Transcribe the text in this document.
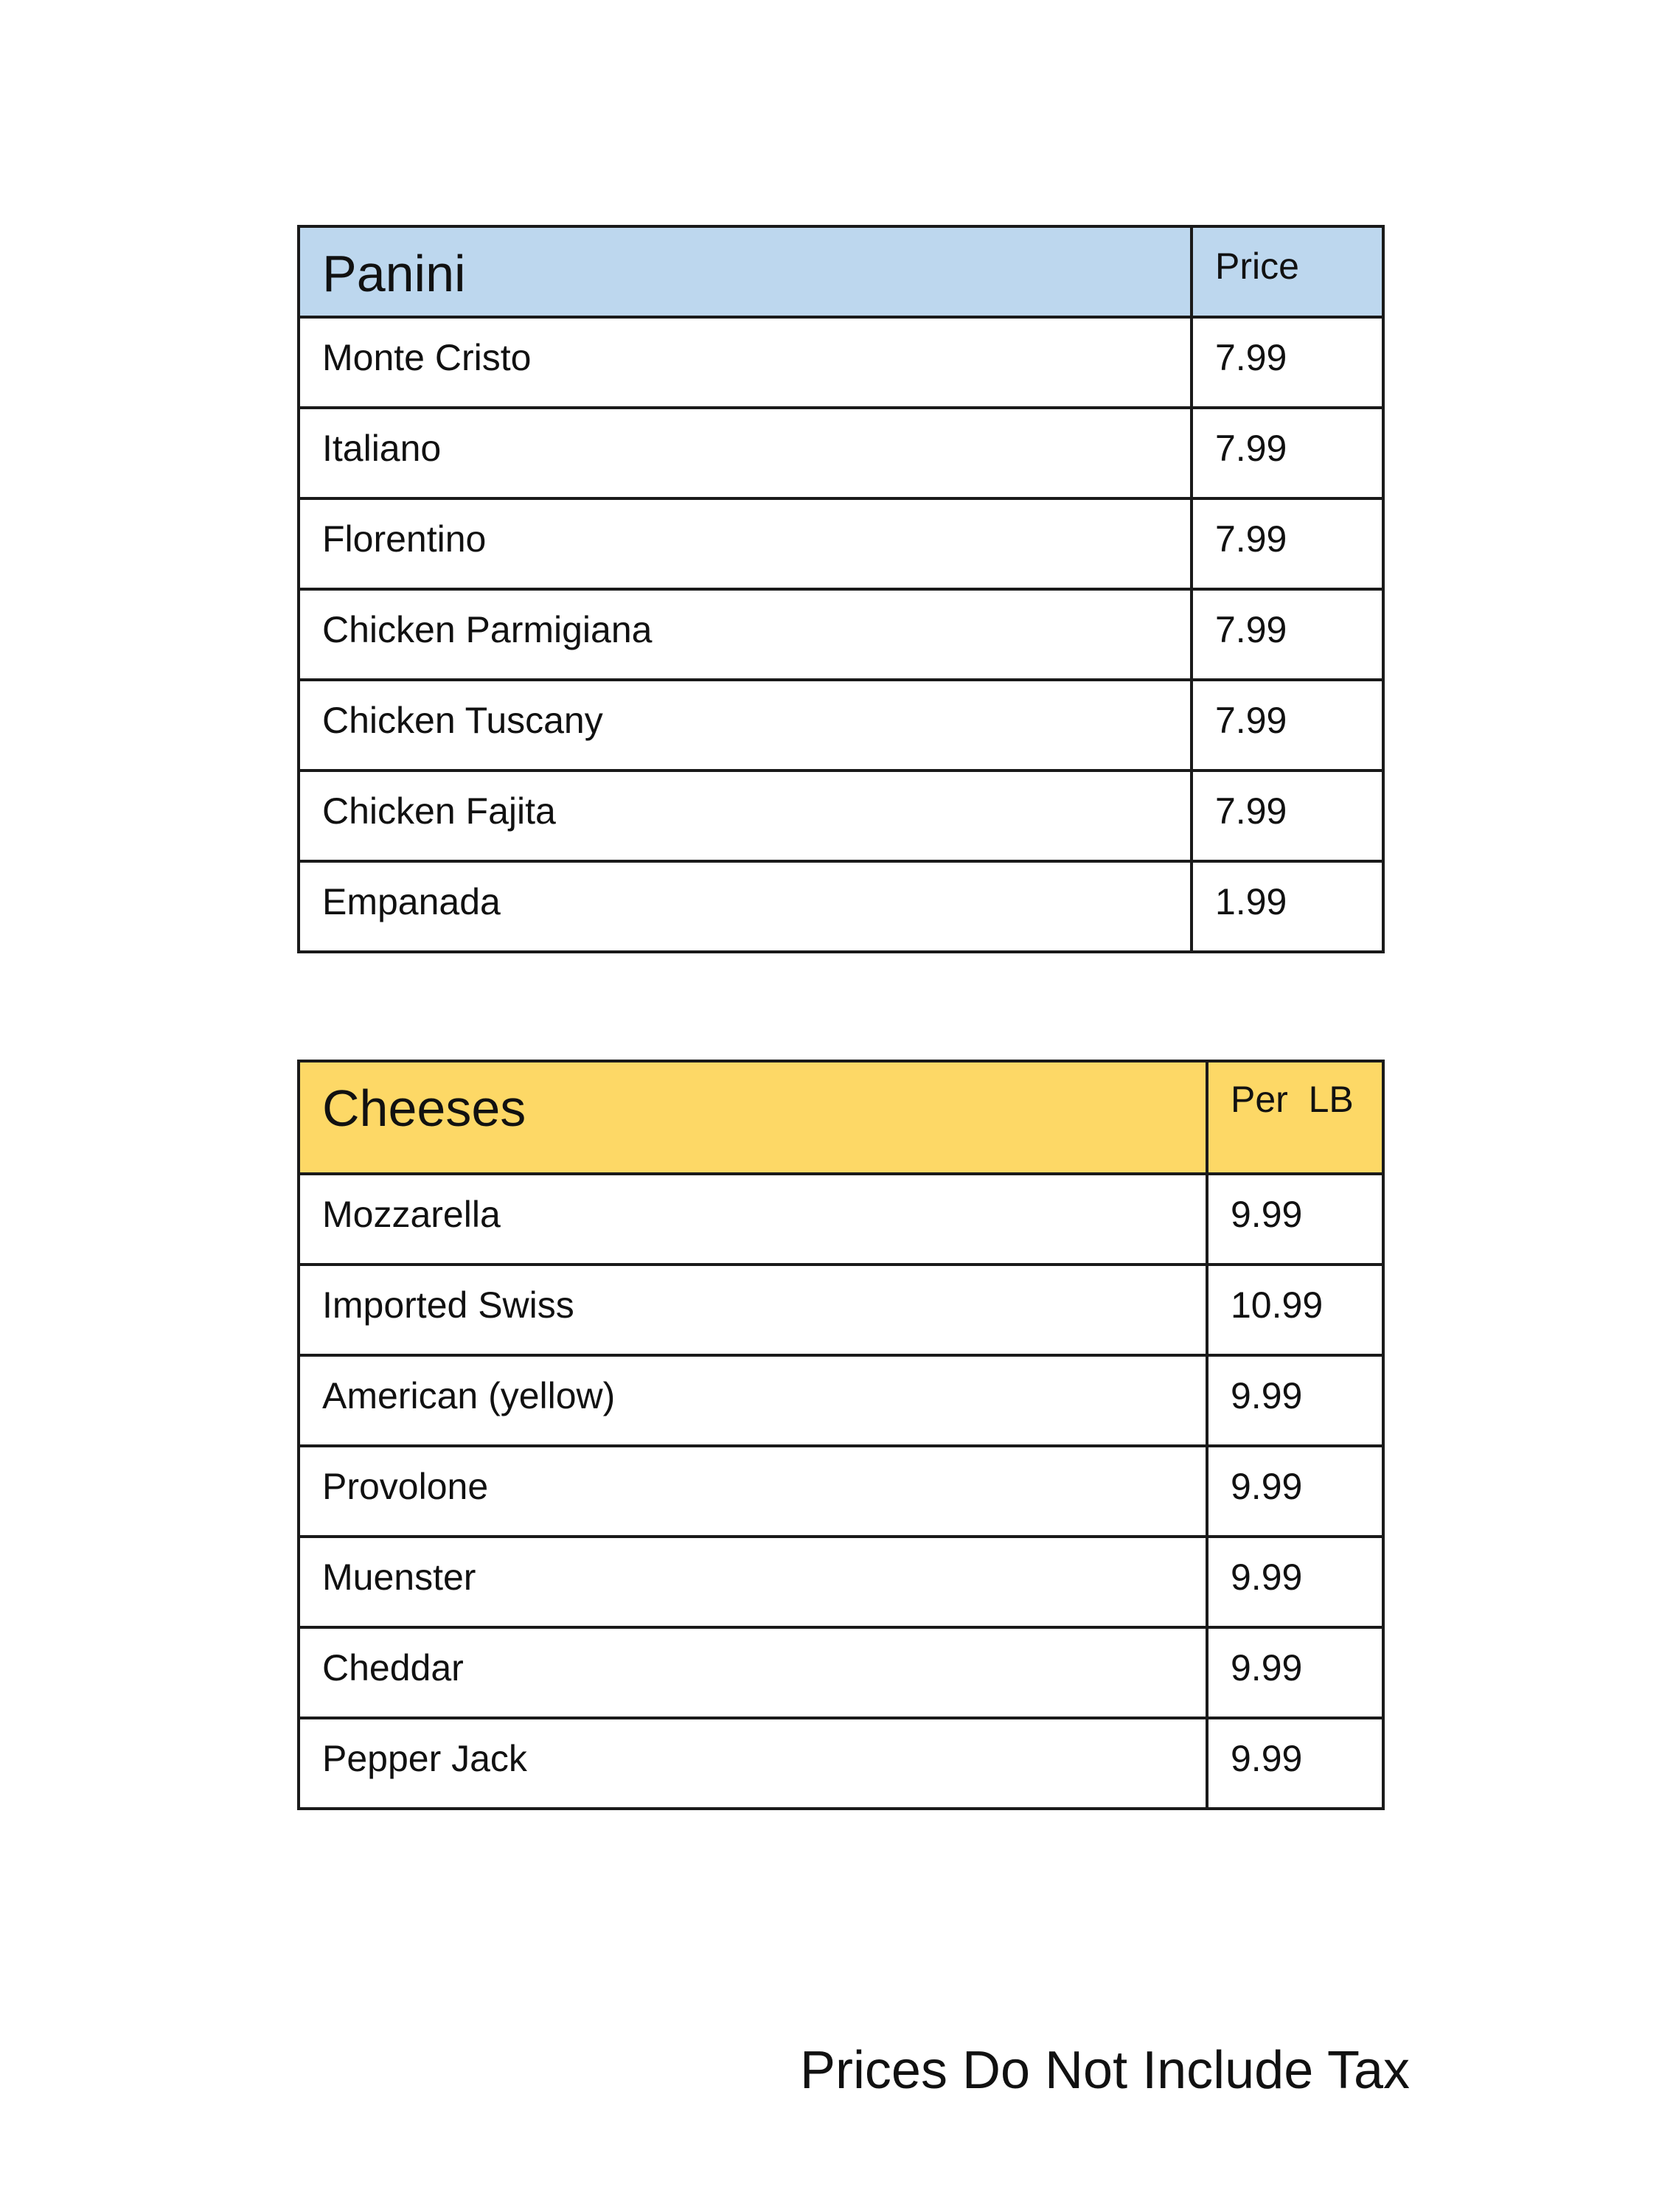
Panini	Price
Monte Cristo	7.99
Italiano	7.99
Florentino	7.99
Chicken Parmigiana	7.99
Chicken Tuscany	7.99
Chicken Fajita	7.99
Empanada	1.99
Cheeses	Per  LB
Mozzarella	9.99
Imported Swiss	10.99
American (yellow)	9.99
Provolone	9.99
Muenster	9.99
Cheddar	9.99
Pepper Jack	9.99
Prices Do Not Include Tax
